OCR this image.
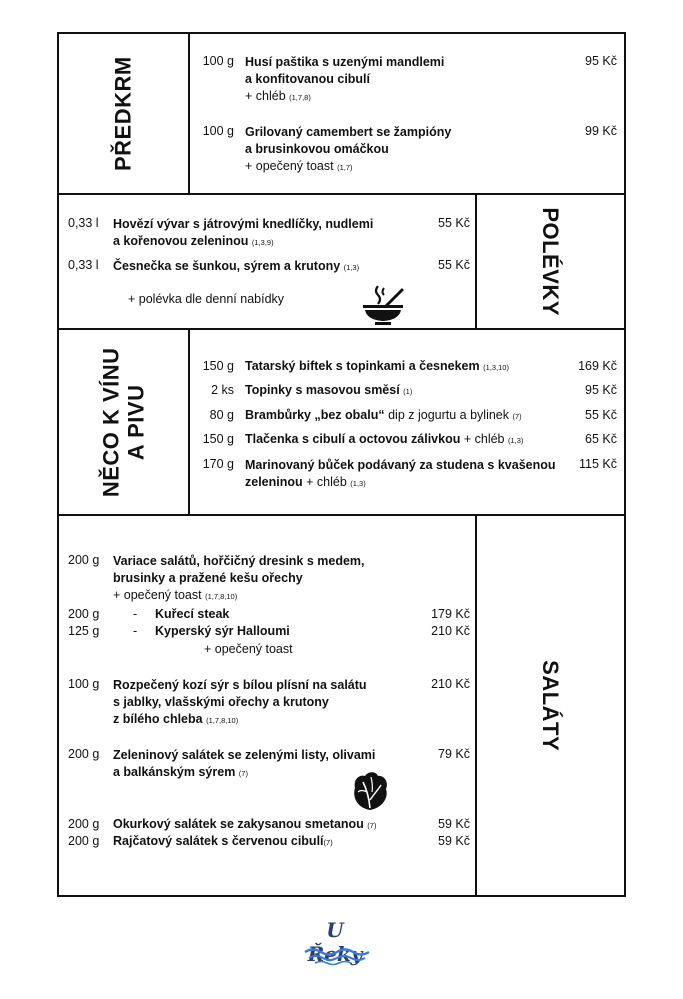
PŘEDKRM	100 g Husí paštika s uzenými mandlemi
a konfitovanou cibulí
+ chléb (1,7,8)
95 Kč
100 g Grilovaný camembert se žampióny
a brusinkovou omáčkou
+ opečený toast (1,7)
99 Kč
0,33 l Hovězí vývar s játrovými knedlíčky, nudlemi
a kořenovou zeleninou (1,3,9)
55 Kč
0,33 l Česnečka se šunkou, sýrem a krutony (1,3)	55 Kč
+ polévka dle denní nabídky	POLÉVKY
NĚCO K VÍNU A PIVU
150 g Tatarský biftek s topinkami a česnekem (1,3,10)	169 Kč
2 ks Topinky s masovou směsí (1)	95 Kč
80 g Brambůrky „bez obalu“ dip z jogurtu a bylinek (7)	55 Kč
150 g Tlačenka s cibulí a octovou zálivkou + chléb (1,3)	65 Kč
170 g Marinovaný bůček podávaný za studena s kvašenou
zeleninou + chléb (1,3)
115 Kč
SALÁTY
200 g Variace salátů, hořčičný dresink s medem,
brusinky a pražené kešu ořechy
+ opečený toast (1,7,8,10)
200 g	- Kuřecí steak	179 Kč
125 g	- Kyperský sýr Halloumi	210 Kč
+ opečený toast
100 g Rozpečený kozí sýr s bílou plísní na salátu
s jablky, vlašskými ořechy a krutony
z bílého chleba (1,7,8,10)
210 Kč
200 g Zeleninový salátek se zelenými listy, olivami
a balkánským sýrem (7)
79 Kč
200 g Okurkový salátek se zakysanou smetanou (7)	59 Kč
200 g Rajčatový salátek s červenou cibulí(7)	59 Kč
U Řeky
